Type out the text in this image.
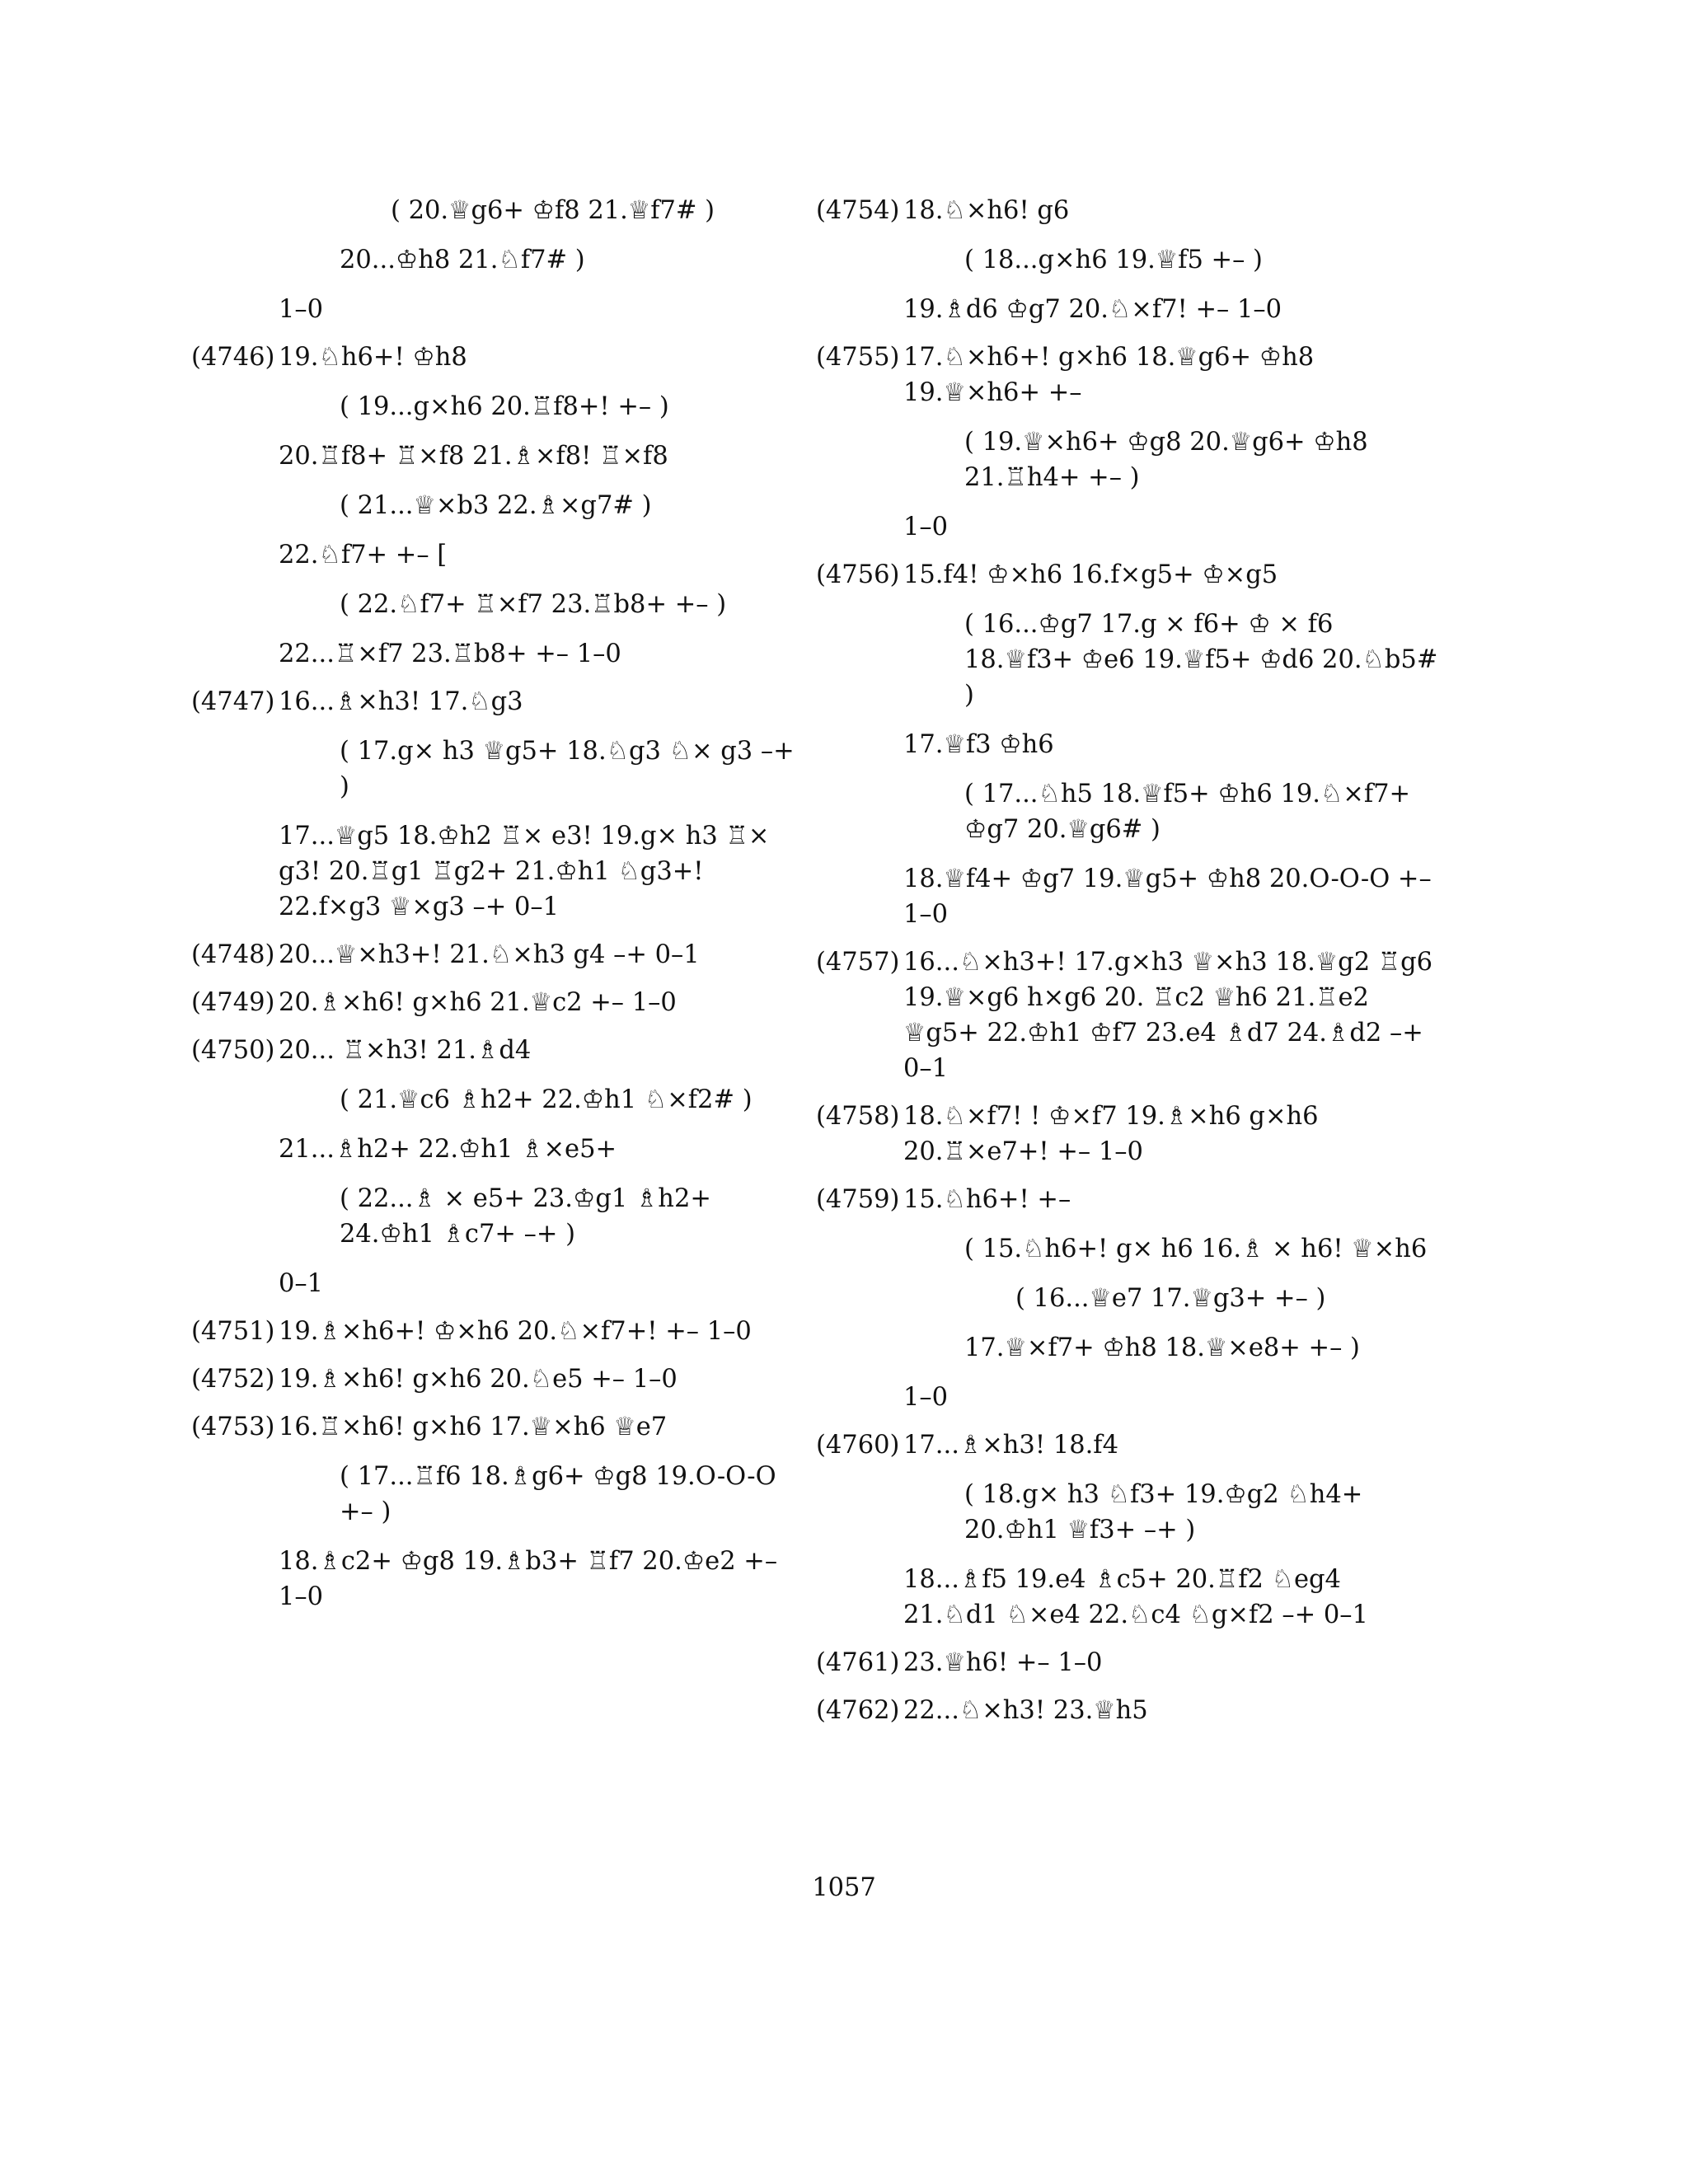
( 20.♕g6+ ♔f8 21.♕f7# )
20...♔h8 21.♘f7# )
1–0
(4746) 19.♘h6+! ♔h8
( 19...g×h6 20.♖f8+! +– )
20.♖f8+ ♖×f8 21.♗×f8! ♖×f8
( 21...♕×b3 22.♗×g7# )
22.♘f7+ +– [
( 22.♘f7+ ♖×f7 23.♖b8+ +– )
22...♖×f7 23.♖b8+ +– 1–0
(4747) 16...♗×h3! 17.♘g3
( 17.g× h3 ♕g5+ 18.♘g3 ♘× g3 –+ )
17...♕g5 18.♔h2 ♖× e3! 19.g× h3 ♖× g3! 20.♖g1 ♖g2+ 21.♔h1 ♘g3+! 22.f×g3 ♕×g3 –+ 0–1
(4748) 20...♕×h3+! 21.♘×h3 g4 –+ 0–1
(4749) 20.♗×h6! g×h6 21.♕c2 +– 1–0
(4750) 20... ♖×h3! 21.♗d4
( 21.♕c6 ♗h2+ 22.♔h1 ♘×f2# )
21...♗h2+ 22.♔h1 ♗×e5+
( 22...♗ × e5+ 23.♔g1 ♗h2+ 24.♔h1 ♗c7+ –+ )
0–1
(4751) 19.♗×h6+! ♔×h6 20.♘×f7+! +– 1–0
(4752) 19.♗×h6! g×h6 20.♘e5 +– 1–0
(4753) 16.♖×h6! g×h6 17.♕×h6 ♕e7
( 17...♖f6 18.♗g6+ ♔g8 19.O-O-O +– )
18.♗c2+ ♔g8 19.♗b3+ ♖f7 20.♔e2 +– 1–0
(4754) 18.♘×h6! g6
( 18...g×h6 19.♕f5 +– )
19.♗d6 ♔g7 20.♘×f7! +– 1–0
(4755) 17.♘×h6+! g×h6 18.♕g6+ ♔h8 19.♕×h6+ +–
( 19.♕×h6+ ♔g8 20.♕g6+ ♔h8 21.♖h4+ +– )
1–0
(4756) 15.f4! ♔×h6 16.f×g5+ ♔×g5
( 16...♔g7 17.g × f6+ ♔ × f6 18.♕f3+ ♔e6 19.♕f5+ ♔d6 20.♘b5# )
17.♕f3 ♔h6
( 17...♘h5 18.♕f5+ ♔h6 19.♘×f7+ ♔g7 20.♕g6# )
18.♕f4+ ♔g7 19.♕g5+ ♔h8 20.O-O-O +– 1–0
(4757) 16...♘×h3+! 17.g×h3 ♕×h3 18.♕g2 ♖g6 19.♕×g6 h×g6 20. ♖c2 ♕h6 21.♖e2 ♕g5+ 22.♔h1 ♔f7 23.e4 ♗d7 24.♗d2 –+ 0–1
(4758) 18.♘×f7! ! ♔×f7 19.♗×h6 g×h6 20.♖×e7+! +– 1–0
(4759) 15.♘h6+! +–
( 15.♘h6+! g× h6 16.♗ × h6! ♕×h6
( 16...♕e7 17.♕g3+ +– )
17.♕×f7+ ♔h8 18.♕×e8+ +– )
1–0
(4760) 17...♗×h3! 18.f4
( 18.g× h3 ♘f3+ 19.♔g2 ♘h4+ 20.♔h1 ♕f3+ –+ )
18...♗f5 19.e4 ♗c5+ 20.♖f2 ♘eg4 21.♘d1 ♘×e4 22.♘c4 ♘g×f2 –+ 0–1
(4761) 23.♕h6! +– 1–0
(4762) 22...♘×h3! 23.♕h5
1057
